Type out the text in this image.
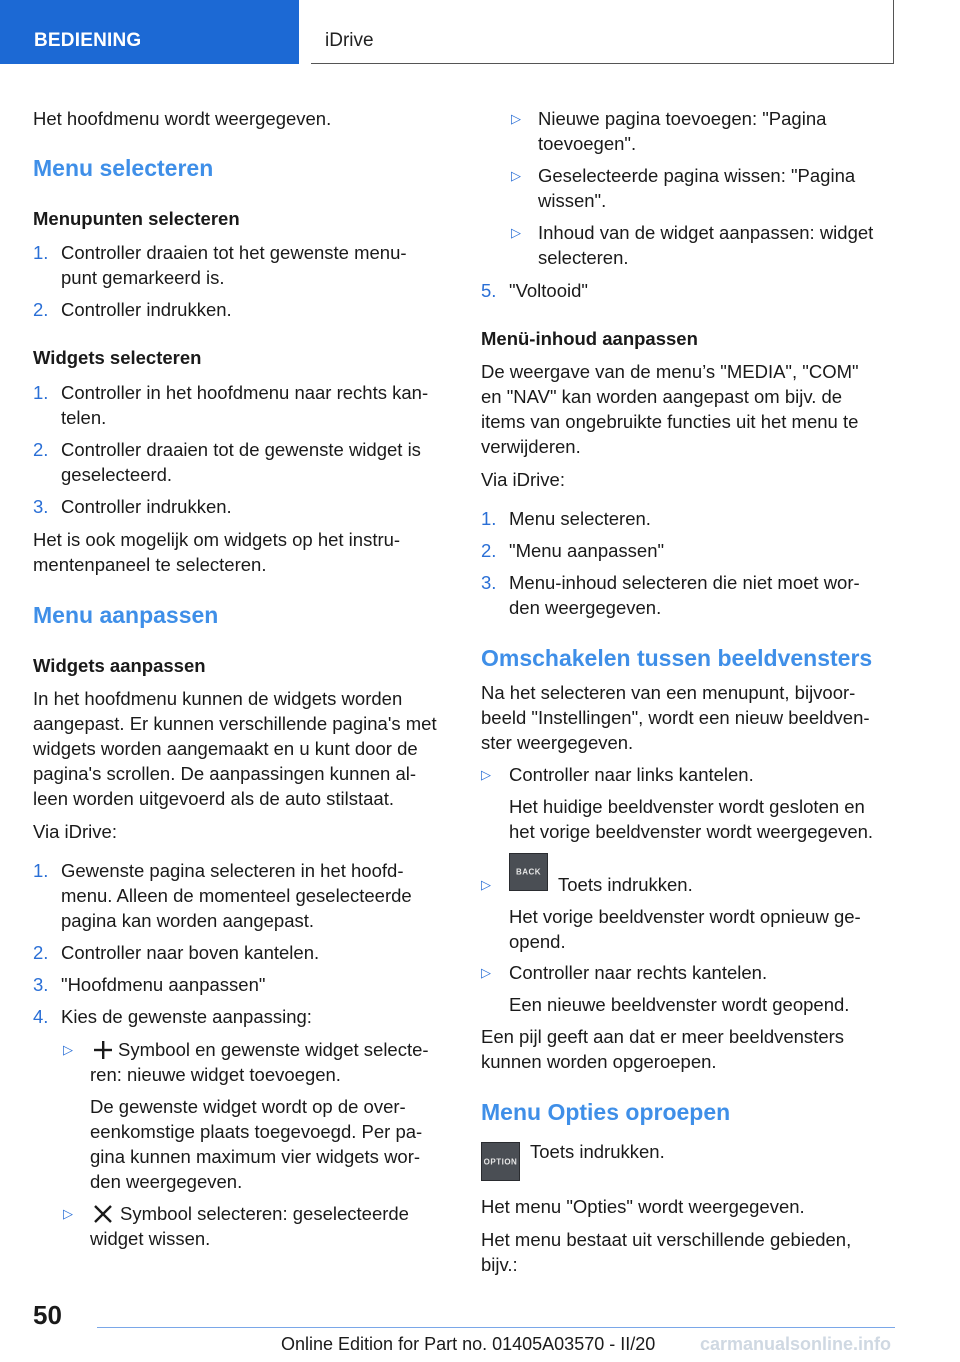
BEDIENING	iDrive
Het hoofdmenu wordt weergegeven.
Menu selecteren
Menupunten selecteren
1. Controller draaien tot het gewenste menu-
punt gemarkeerd is.
2. Controller indrukken.
Widgets selecteren
1. Controller in het hoofdmenu naar rechts kan-
telen.
2. Controller draaien tot de gewenste widget is
geselecteerd.
3. Controller indrukken.
Het is ook mogelijk om widgets op het instru-
mentenpaneel te selecteren.
Menu aanpassen
Widgets aanpassen
In het hoofdmenu kunnen de widgets worden
aangepast. Er kunnen verschillende pagina's met
widgets worden aangemaakt en u kunt door de
pagina's scrollen. De aanpassingen kunnen al-
leen worden uitgevoerd als de auto stilstaat.
Via iDrive:
1. Gewenste pagina selecteren in het hoofd-
menu. Alleen de momenteel geselecteerde
pagina kan worden aangepast.
2. Controller naar boven kantelen.
3. "Hoofdmenu aanpassen"
4. Kies de gewenste aanpassing:
▷ Symbool en gewenste widget selecte-
ren: nieuwe widget toevoegen.
De gewenste widget wordt op de over-
eenkomstige plaats toegevoegd. Per pa-
gina kunnen maximum vier widgets wor-
den weergegeven.
▷	Symbool selecteren: geselecteerde
widget wissen.
▷ Nieuwe pagina toevoegen: "Pagina
toevoegen".
▷ Geselecteerde pagina wissen: "Pagina
wissen".
▷ Inhoud van de widget aanpassen: widget
selecteren.
5. "Voltooid"
Menü-inhoud aanpassen
De weergave van de menu’s "MEDIA", "COM"
en "NAV" kan worden aangepast om bijv. de
items van ongebruikte functies uit het menu te
verwijderen.
Via iDrive:
1. Menu selecteren.
2. "Menu aanpassen"
3. Menu-inhoud selecteren die niet moet wor-
den weergegeven.
Omschakelen tussen beeldvensters
Na het selecteren van een menupunt, bijvoor-
beeld "Instellingen", wordt een nieuw beeldven-
ster weergegeven.
▷ Controller naar links kantelen.
Het huidige beeldvenster wordt gesloten en
het vorige beeldvenster wordt weergegeven.
▷
BACK
Toets indrukken.
Het vorige beeldvenster wordt opnieuw ge-
opend.
▷ Controller naar rechts kantelen.
Een nieuwe beeldvenster wordt geopend.
Een pijl geeft aan dat er meer beeldvensters
kunnen worden opgeroepen.
Menu Opties oproepen
OPTION Toets indrukken.
Het menu "Opties" wordt weergegeven.
Het menu bestaat uit verschillende gebieden,
bijv.:
50
Online Edition for Part no. 01405A03570 - II/20 carmanualsonline.info
